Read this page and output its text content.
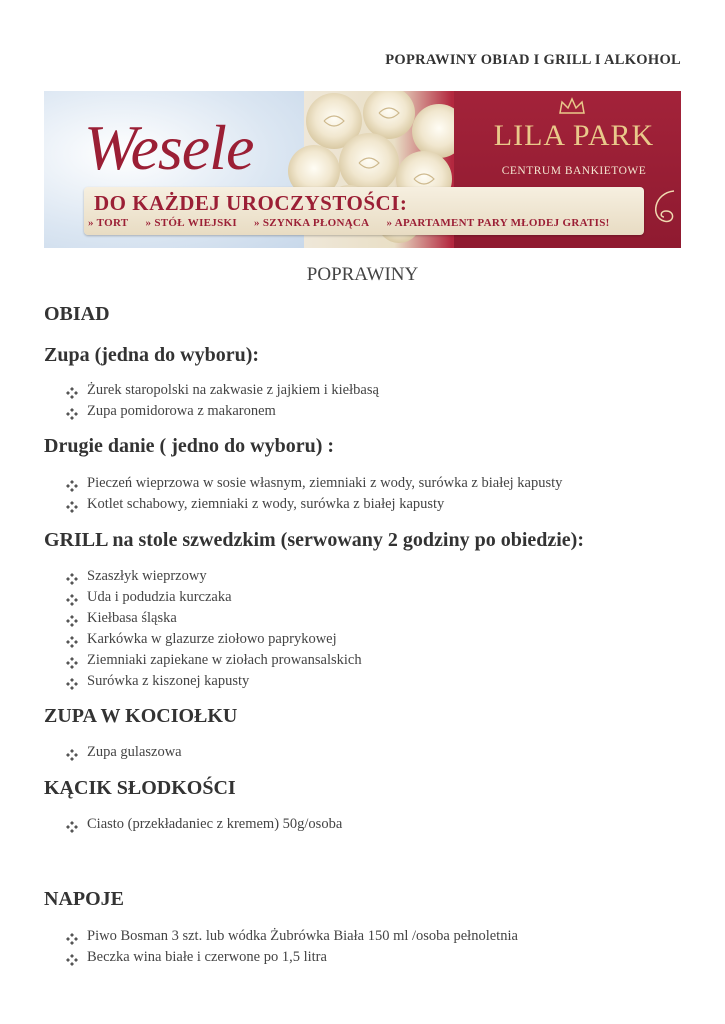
POPRAWINY OBIAD I GRILL I ALKOHOL
Wesele	LILA PARK
CENTRUM BANKIETOWE
DO KAŻDEJ UROCZYSTOŚCI:
» TORT » STÓŁ WIEJSKI » SZYNKA PŁONĄCA » APARTAMENT PARY MŁODEJ GRATIS!
POPRAWINY
OBIAD
Zupa (jedna do wyboru):
Żurek staropolski na zakwasie z jajkiem i kiełbasą
Zupa pomidorowa z makaronem
Drugie danie ( jedno do wyboru) :
Pieczeń wieprzowa w sosie własnym, ziemniaki z wody, surówka z białej kapusty
Kotlet schabowy, ziemniaki z wody, surówka z białej kapusty
GRILL na stole szwedzkim (serwowany 2 godziny po obiedzie):
Szaszłyk wieprzowy
Uda i podudzia kurczaka
Kiełbasa śląska
Karkówka w glazurze ziołowo paprykowej
Ziemniaki zapiekane w ziołach prowansalskich
Surówka z kiszonej kapusty
ZUPA W KOCIOŁKU
Zupa gulaszowa
KĄCIK SŁODKOŚCI
Ciasto (przekładaniec z kremem) 50g/osoba
NAPOJE
Piwo Bosman 3 szt. lub wódka Żubrówka Biała 150 ml /osoba pełnoletnia
Beczka wina białe i czerwone po 1,5 litra
